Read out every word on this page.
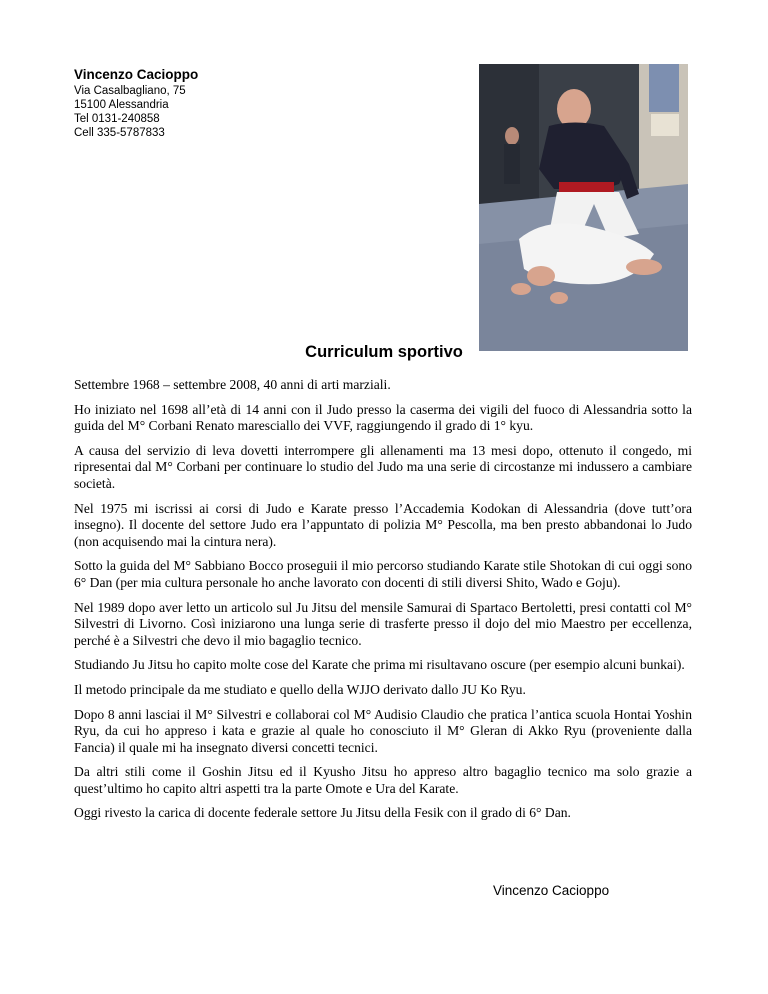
Vincenzo Cacioppo
Via Casalbagliano, 75
15100 Alessandria
Tel 0131-240858
Cell 335-5787833
Curriculum sportivo

Settembre 1968 – settembre 2008, 40 anni di arti marziali.

Ho iniziato nel 1698 all’età di 14 anni con il Judo presso la caserma dei vigili del fuoco di Alessandria sotto la guida del M° Corbani Renato maresciallo dei VVF, raggiungendo il grado di 1° kyu.

A causa del servizio di leva dovetti interrompere gli allenamenti ma 13 mesi dopo, ottenuto il congedo, mi ripresentai dal M° Corbani per continuare lo studio del Judo ma una serie di circostanze mi indussero a cambiare società.

Nel 1975 mi iscrissi ai corsi di Judo e Karate presso l’Accademia Kodokan di Alessandria (dove tutt’ora insegno). Il docente del settore Judo era l’appuntato di polizia M° Pescolla, ma ben presto abbandonai lo Judo (non acquisendo mai la cintura nera).

Sotto la guida del M° Sabbiano Bocco proseguii il mio percorso studiando Karate stile Shotokan di cui oggi sono 6° Dan (per mia cultura personale ho anche lavorato con docenti di stili diversi Shito, Wado e Goju).

Nel 1989 dopo aver letto un articolo sul Ju Jitsu del mensile Samurai di Spartaco Bertoletti, presi contatti col M° Silvestri di Livorno. Così iniziarono una lunga serie di trasferte presso il dojo del mio Maestro per eccellenza, perché è a Silvestri che devo il mio bagaglio tecnico.

Studiando Ju Jitsu ho capito molte cose del Karate che prima mi risultavano oscure (per esempio alcuni bunkai).

Il metodo principale da me studiato e quello della WJJO derivato dallo JU Ko Ryu.

Dopo 8 anni lasciai il M° Silvestri e collaborai col M° Audisio Claudio che pratica l’antica scuola Hontai Yoshin Ryu, da cui ho appreso i kata e grazie al quale ho conosciuto il M° Gleran di Akko Ryu (proveniente dalla Fancia) il quale mi ha insegnato diversi concetti tecnici.

Da altri stili come il Goshin Jitsu ed il Kyusho Jitsu ho appreso altro bagaglio tecnico ma solo grazie a quest’ultimo ho capito altri aspetti tra la parte Omote e Ura del Karate.

Oggi rivesto la carica di docente federale settore Ju Jitsu della Fesik con il grado di 6° Dan.

Vincenzo Cacioppo
